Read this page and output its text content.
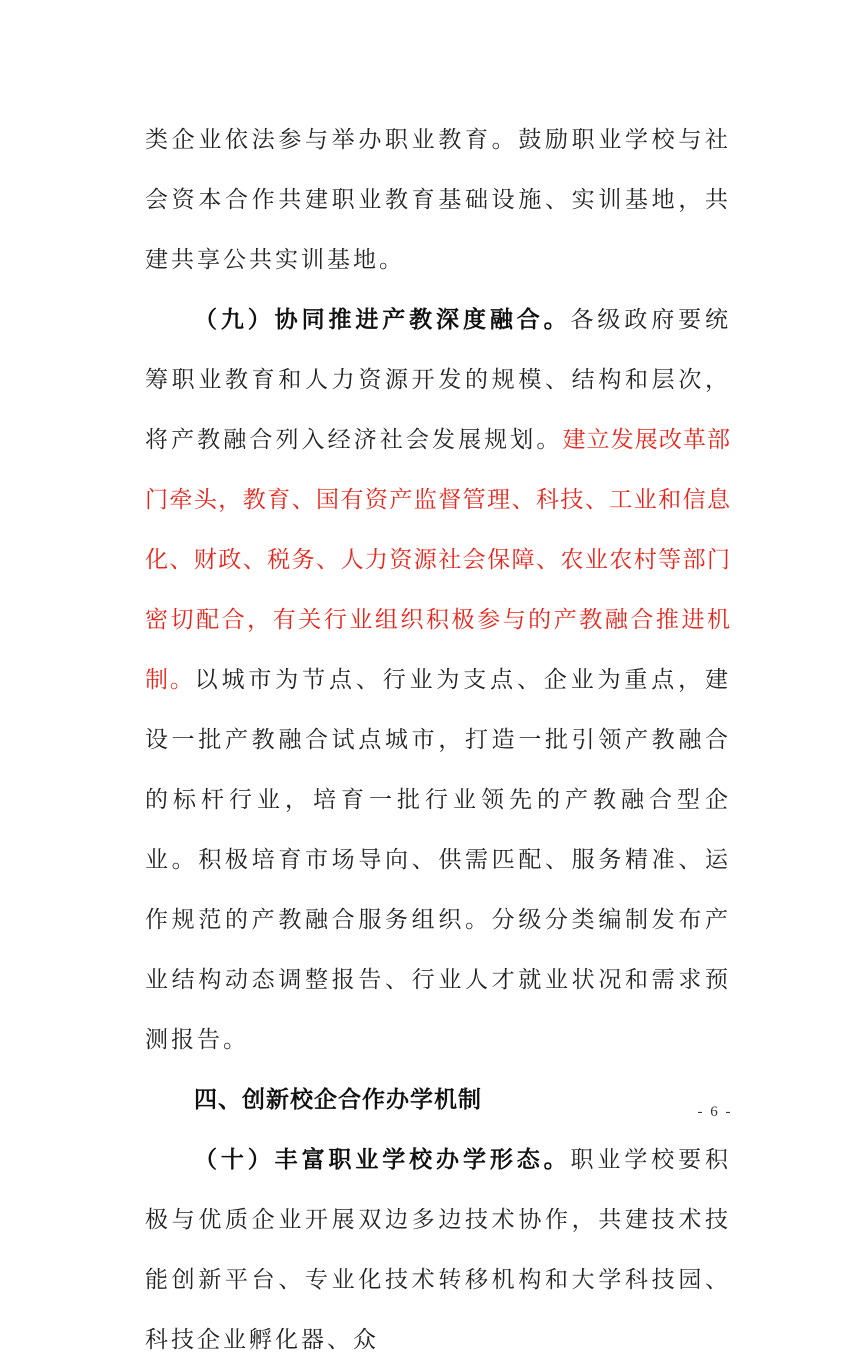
类企业依法参与举办职业教育。鼓励职业学校与社会资本合作共建职业教育基础设施、实训基地，共建共享公共实训基地。

（九）协同推进产教深度融合。各级政府要统筹职业教育和人力资源开发的规模、结构和层次，将产教融合列入经济社会发展规划。建立发展改革部门牵头，教育、国有资产监督管理、科技、工业和信息化、财政、税务、人力资源社会保障、农业农村等部门密切配合，有关行业组织积极参与的产教融合推进机制。以城市为节点、行业为支点、企业为重点，建设一批产教融合试点城市，打造一批引领产教融合的标杆行业，培育一批行业领先的产教融合型企业。积极培育市场导向、供需匹配、服务精准、运作规范的产教融合服务组织。分级分类编制发布产业结构动态调整报告、行业人才就业状况和需求预测报告。

四、创新校企合作办学机制

（十）丰富职业学校办学形态。职业学校要积极与优质企业开展双边多边技术协作，共建技术技能创新平台、专业化技术转移机构和大学科技园、科技企业孵化器、众

- 6 -
